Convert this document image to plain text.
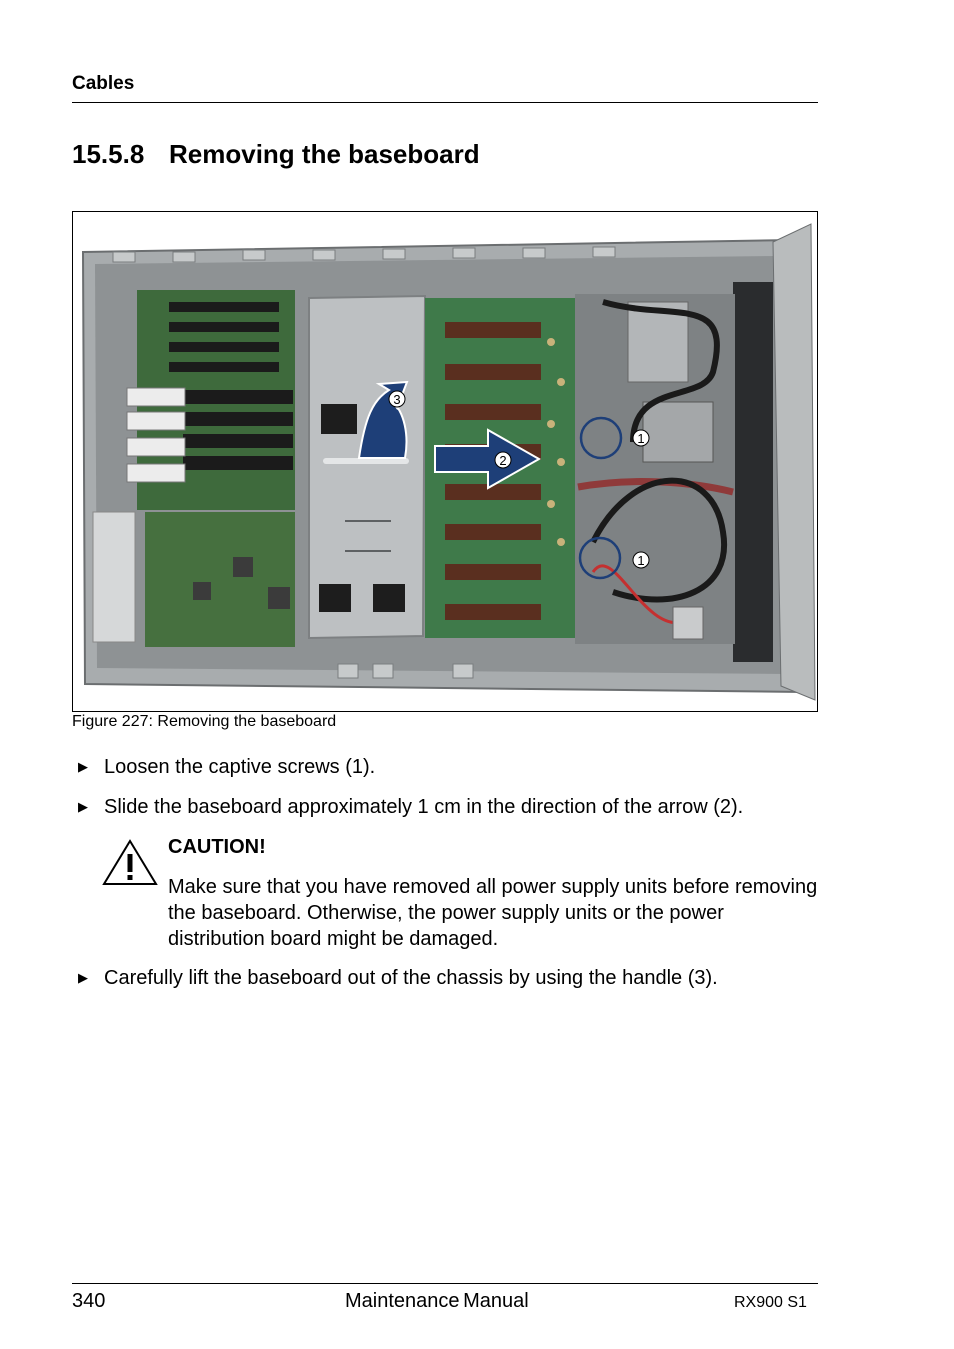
Cables
15.5.8 Removing the baseboard
3
2
1
1
Figure 227: Removing the baseboard
▶ Loosen the captive screws (1).
▶ Slide the baseboard approximately 1 cm in the direction of the arrow (2).
CAUTION!
Make sure that you have removed all power supply units before removing the baseboard. Otherwise, the power supply units or the power distribution board might be damaged.
▶ Carefully lift the baseboard out of the chassis by using the handle (3).
340	Maintenance Manual	RX900 S1
